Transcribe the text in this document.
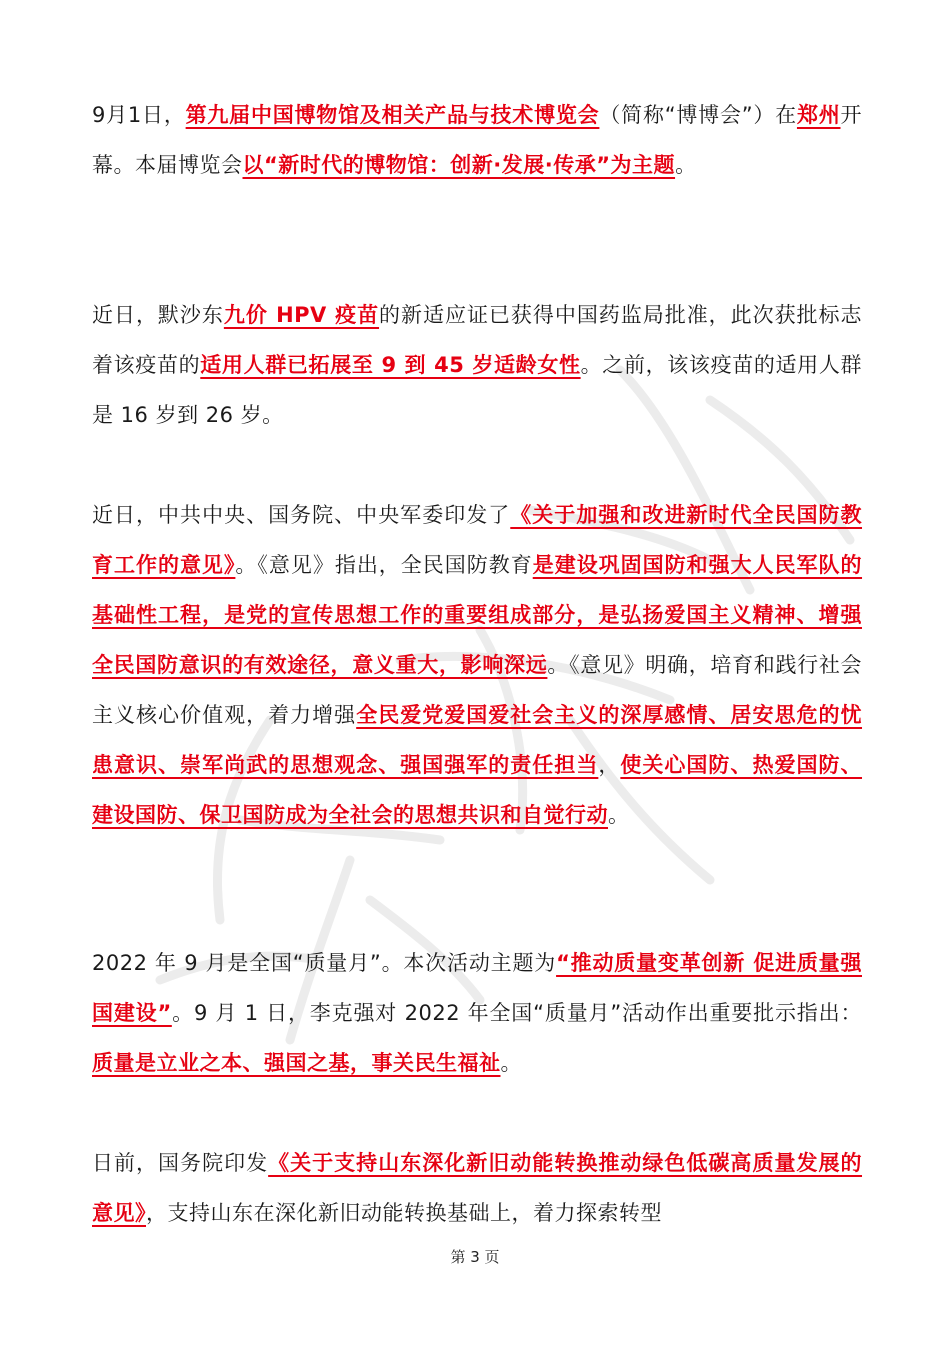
9月1日，第九届中国博物馆及相关产品与技术博览会（简称“博博会”）在郑州开幕。本届博览会以“新时代的博物馆：创新·发展·传承”为主题。

近日，默沙东九价 HPV 疫苗的新适应证已获得中国药监局批准，此次获批标志着该疫苗的适用人群已拓展至 9 到 45 岁适龄女性。之前，该该疫苗的适用人群是 16 岁到 26 岁。

近日，中共中央、国务院、中央军委印发了《关于加强和改进新时代全民国防教育工作的意见》。《意见》指出，全民国防教育是建设巩固国防和强大人民军队的基础性工程，是党的宣传思想工作的重要组成部分，是弘扬爱国主义精神、增强全民国防意识的有效途径，意义重大，影响深远。《意见》明确，培育和践行社会主义核心价值观，着力增强全民爱党爱国爱社会主义的深厚感情、居安思危的忧患意识、崇军尚武的思想观念、强国强军的责任担当，使关心国防、热爱国防、建设国防、保卫国防成为全社会的思想共识和自觉行动。

2022 年 9 月是全国“质量月”。本次活动主题为“推动质量变革创新 促进质量强国建设”。9 月 1 日，李克强对 2022 年全国“质量月”活动作出重要批示指出：质量是立业之本、强国之基，事关民生福祉。

日前，国务院印发《关于支持山东深化新旧动能转换推动绿色低碳高质量发展的意见》，支持山东在深化新旧动能转换基础上，着力探索转型

第 3 页
